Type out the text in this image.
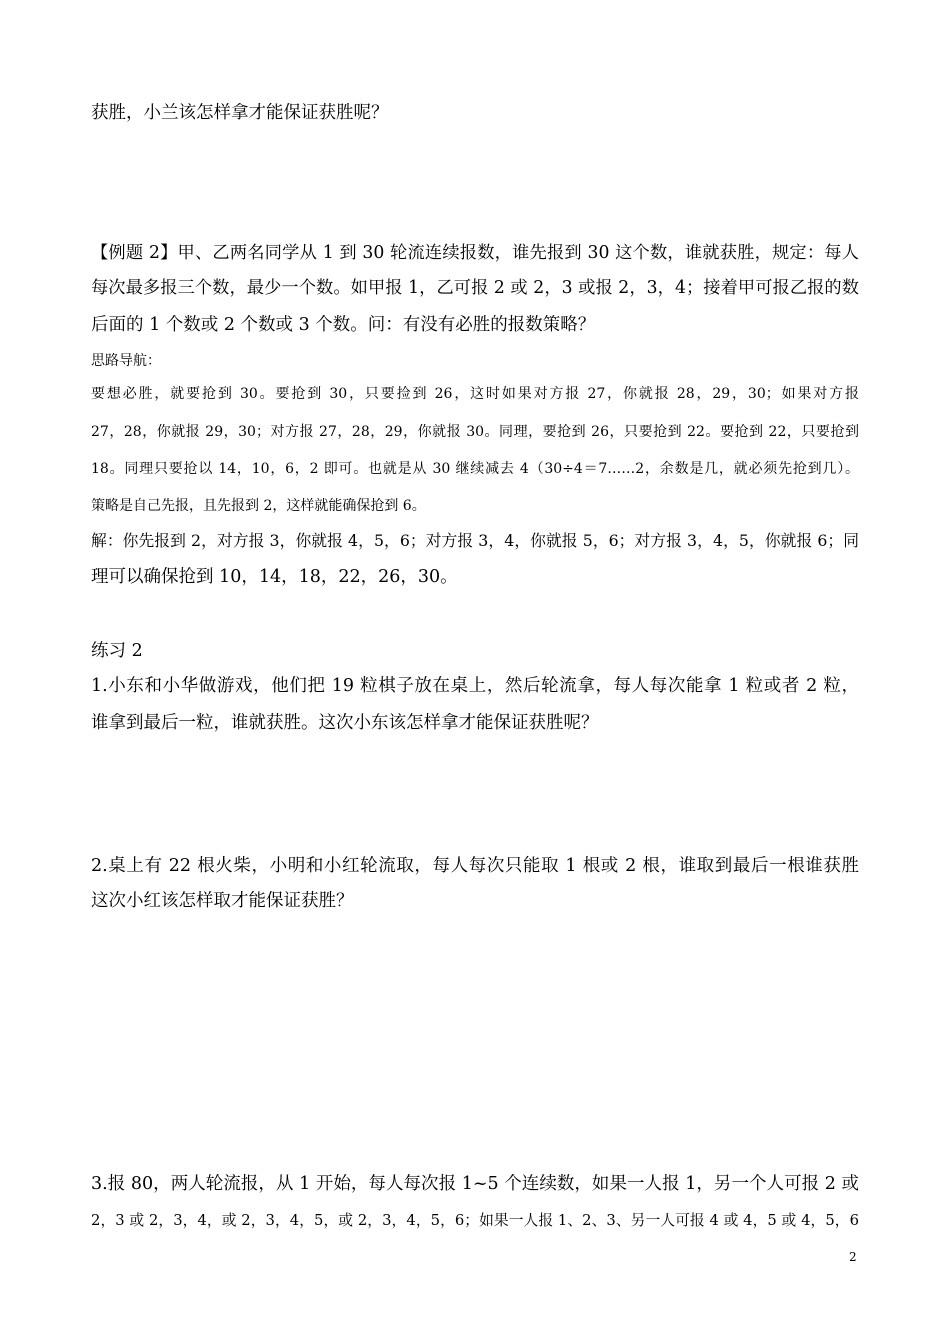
获胜，小兰该怎样拿才能保证获胜呢？

【例题 2】甲、乙两名同学从 1 到 30 轮流连续报数，谁先报到 30 这个数，谁就获胜，规定：每人

每次最多报三个数，最少一个数。如甲报 1，乙可报 2 或 2，3 或报 2，3，4；接着甲可报乙报的数

后面的 1 个数或 2 个数或 3 个数。问：有没有必胜的报数策略？

思路导航：

要想必胜，就要抢到 30。要抢到 30，只要捡到 26，这时如果对方报 27，你就报 28，29，30；如果对方报

27，28，你就报 29，30；对方报 27，28，29，你就报 30。同理，要抢到 26，只要抢到 22。要抢到 22，只要抢到

18。同理只要抢以 14，10，6，2 即可。也就是从 30 继续减去 4（30÷4＝7……2，余数是几，就必须先抢到几）。

策略是自己先报，且先报到 2，这样就能确保抢到 6。

解：你先报到 2，对方报 3，你就报 4，5，6；对方报 3，4，你就报 5，6；对方报 3，4，5，你就报 6；同

理可以确保抢到 10，14，18，22，26，30。

练习 2

1.小东和小华做游戏，他们把 19 粒棋子放在桌上，然后轮流拿，每人每次能拿 1 粒或者 2 粒，

谁拿到最后一粒，谁就获胜。这次小东该怎样拿才能保证获胜呢？

2.桌上有 22 根火柴，小明和小红轮流取，每人每次只能取 1 根或 2 根，谁取到最后一根谁获胜

这次小红该怎样取才能保证获胜？

3.报 80，两人轮流报，从 1 开始，每人每次报 1~5 个连续数，如果一人报 1，另一个人可报 2 或

2，3 或 2，3，4，或 2，3，4，5，或 2，3，4，5，6；如果一人报 1、2、3、另一人可报 4 或 4，5 或 4，5，6

2
